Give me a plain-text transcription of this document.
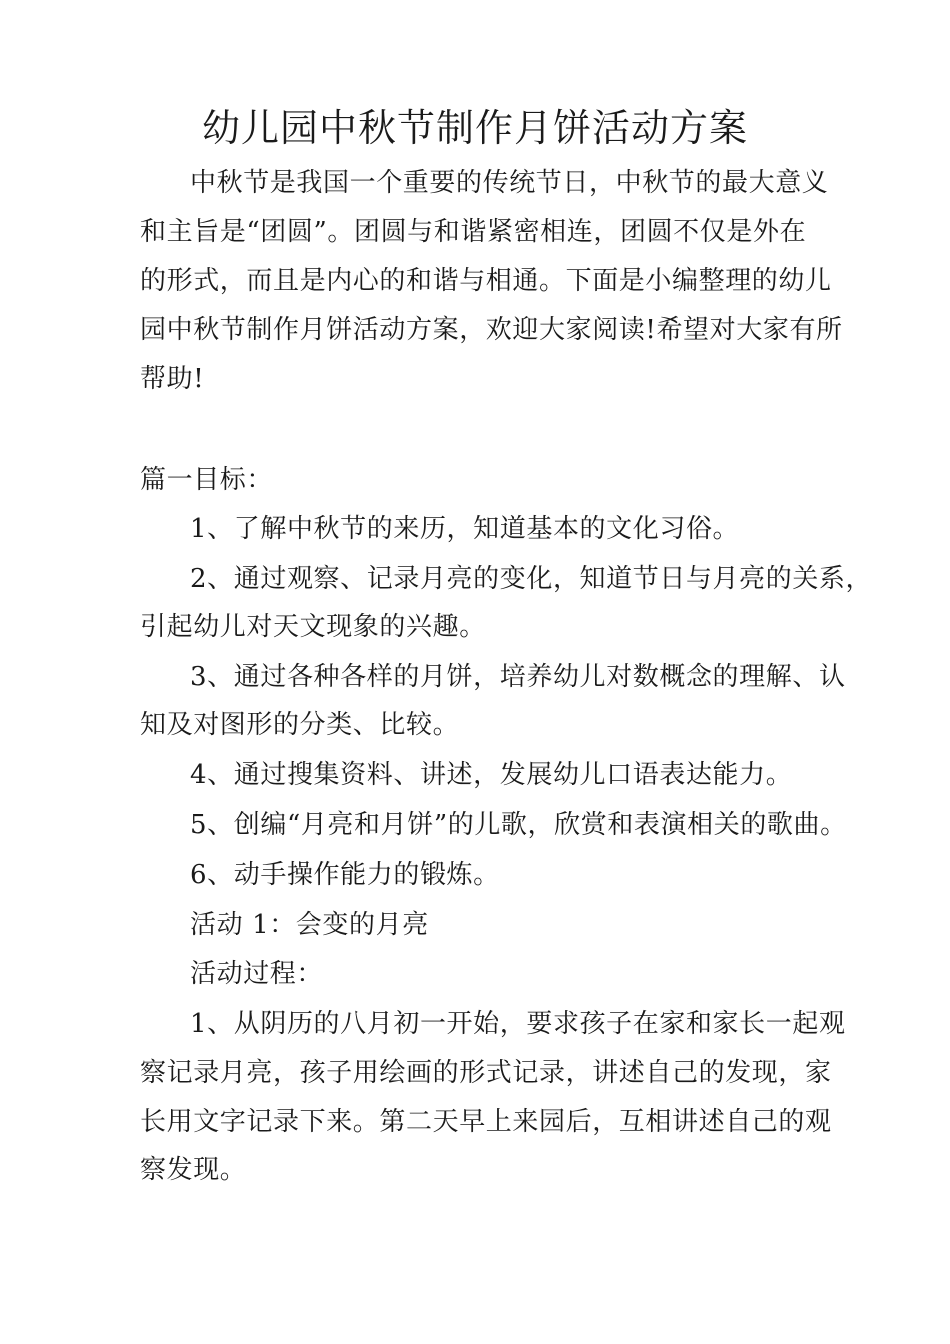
幼儿园中秋节制作月饼活动方案
中秋节是我国一个重要的传统节日，中秋节的最大意义
和主旨是“团圆”。团圆与和谐紧密相连，团圆不仅是外在
的形式，而且是内心的和谐与相通。下面是小编整理的幼儿
园中秋节制作月饼活动方案，欢迎大家阅读!希望对大家有所
帮助!
篇一目标：
1、了解中秋节的来历，知道基本的文化习俗。
2、通过观察、记录月亮的变化，知道节日与月亮的关系，
引起幼儿对天文现象的兴趣。
3、通过各种各样的月饼，培养幼儿对数概念的理解、认
知及对图形的分类、比较。
4、通过搜集资料、讲述，发展幼儿口语表达能力。
5、创编“月亮和月饼”的儿歌，欣赏和表演相关的歌曲。
6、动手操作能力的锻炼。
活动 1：会变的月亮
活动过程：
1、从阴历的八月初一开始，要求孩子在家和家长一起观
察记录月亮，孩子用绘画的形式记录，讲述自己的发现，家
长用文字记录下来。第二天早上来园后，互相讲述自己的观
察发现。
